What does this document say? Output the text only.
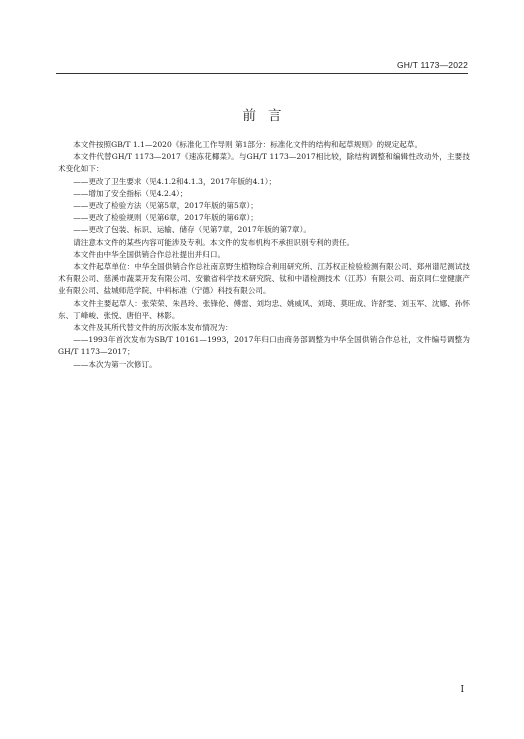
GH/T 1173—2022
前言

本文件按照GB/T 1.1—2020《标准化工作导则 第1部分：标准化文件的结构和起草规则》的规定起草。

本文件代替GH/T 1173—2017《速冻花椰菜》。与GH/T 1173—2017相比较，除结构调整和编辑性改动外，主要技术变化如下：

——更改了卫生要求（见4.1.2和4.1.3，2017年版的4.1）；

——增加了安全指标（见4.2.4）；

——更改了检验方法（见第5章，2017年版的第5章）；

——更改了检验规则（见第6章，2017年版的第6章）；

——更改了包装、标识、运输、储存（见第7章，2017年版的第7章）。

请注意本文件的某些内容可能涉及专利。本文件的发布机构不承担识别专利的责任。

本文件由中华全国供销合作总社提出并归口。

本文件起草单位：中华全国供销合作总社南京野生植物综合利用研究所、江苏权正检验检测有限公司、郑州谱尼测试技术有限公司、慈溪市蔬菜开发有限公司、安徽省科学技术研究院、钛和中谱检测技术（江苏）有限公司、南京同仁堂健康产业有限公司、盐城师范学院、中科标准（宁德）科技有限公司。

本文件主要起草人：张荣荣、朱昌玲、张锋伦、傅雷、刘均忠、姚威风、刘琦、莫旺成、许舒雯、刘玉军、沈娜、孙怀东、丁峰峻、张悦、唐伯平、林影。

本文件及其所代替文件的历次版本发布情况为：

——1993年首次发布为SB/T 10161—1993，2017年归口由商务部调整为中华全国供销合作总社，文件编号调整为GH/T 1173—2017；

——本次为第一次修订。

I
